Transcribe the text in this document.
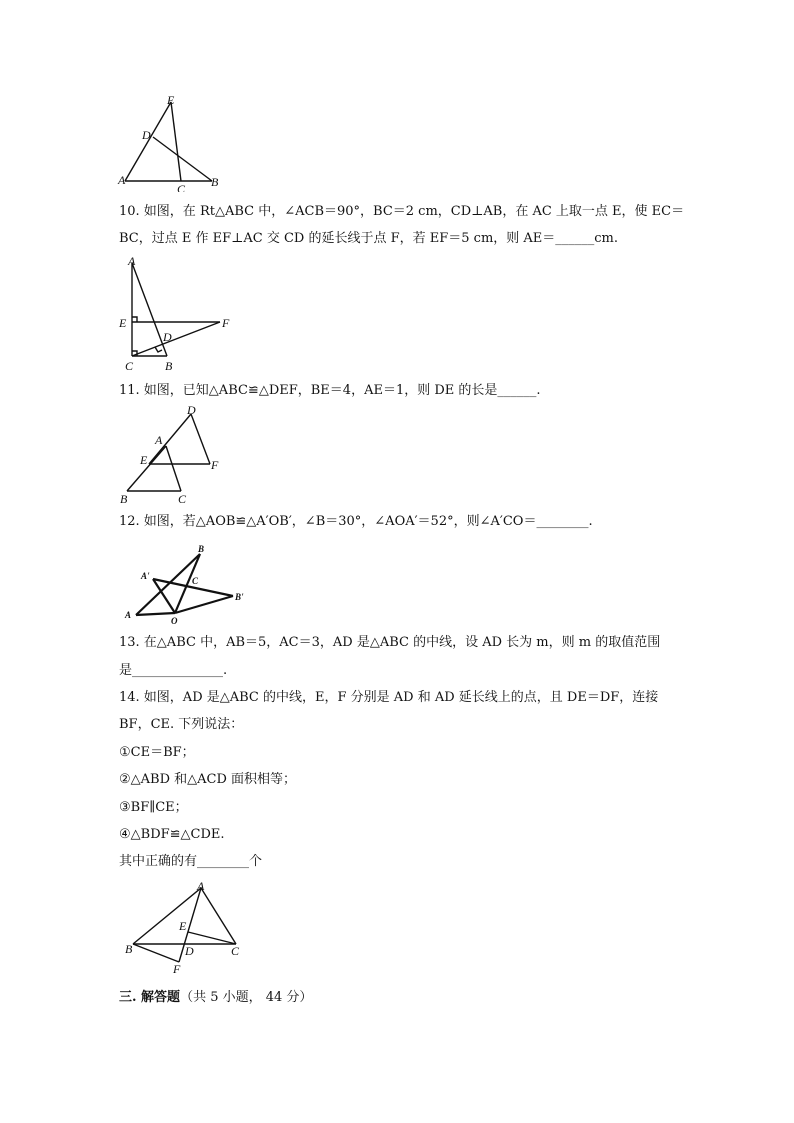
E
D
A
C B
10. 如图，在 Rt△ABC 中，∠ACB＝90°，BC＝2 cm，CD⊥AB，在 AC 上取一点 E，使 EC＝
BC，过点 E 作 EF⊥AC 交 CD 的延长线于点 F，若 EF＝5 cm，则 AE＝______cm.
A
E	F
D
C	B
11. 如图，已知△ABC≌△DEF，BE＝4，AE＝1，则 DE 的长是______.
D
A
E	F
B	C
12. 如图，若△AOB≌△A′OB′，∠B＝30°，∠AOA′＝52°，则∠A′CO＝________.
B
A'	C
B'
A
O
13. 在△ABC 中，AB＝5，AC＝3，AD 是△ABC 的中线，设 AD 长为 m，则 m 的取值范围
是______________.
14. 如图，AD 是△ABC 的中线，E，F 分别是 AD 和 AD 延长线上的点，且 DE＝DF，连接
BF，CE. 下列说法：
①CE＝BF；
②△ABD 和△ACD 面积相等；
③BF∥CE；
④△BDF≌△CDE.
其中正确的有________个
A
E
B	D	C
F
三. 解答题（共 5 小题， 44 分）
